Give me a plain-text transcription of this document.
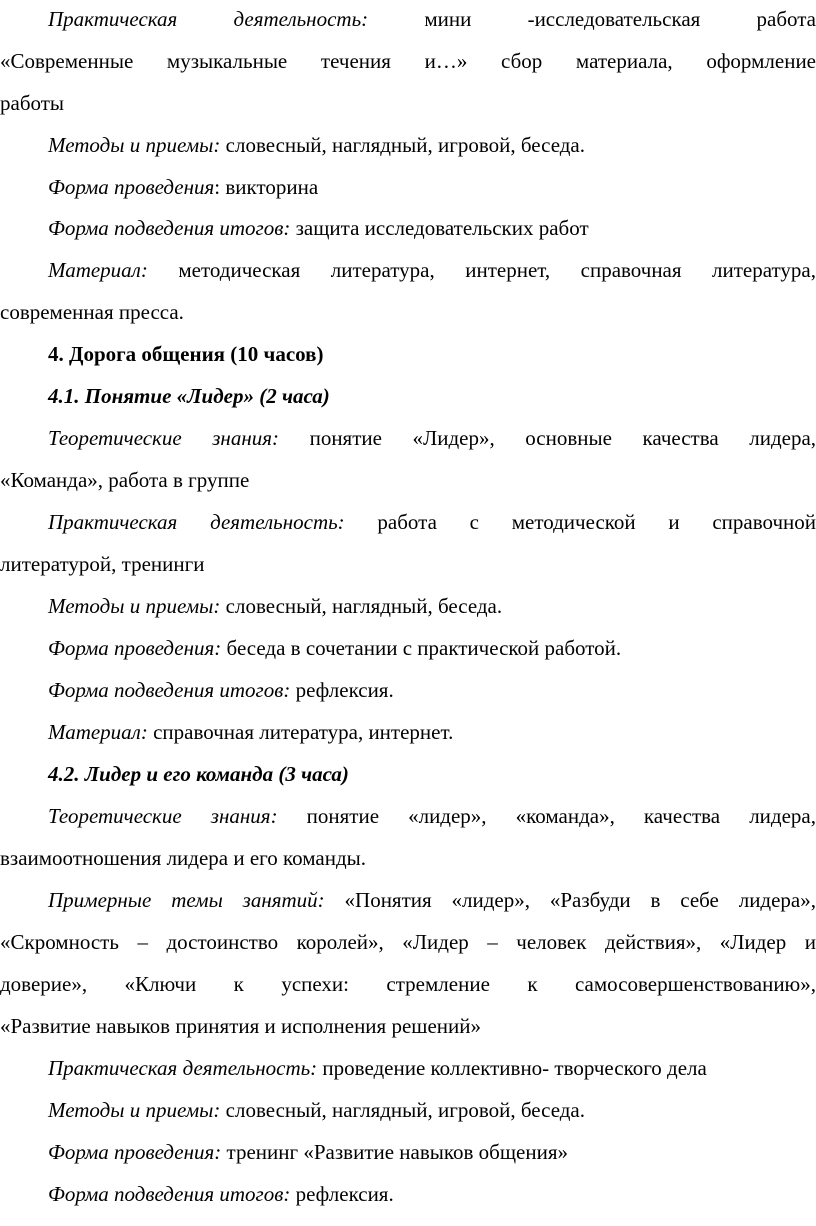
Практическая деятельность:	мини -исследовательская работа
«Современные музыкальные течения и…» сбор материала, оформление
работы
Методы и приемы: словесный, наглядный, игровой, беседа.
Форма проведения: викторина
Форма подведения итогов: защита исследовательских работ
Материал: методическая литература, интернет, справочная литература,
современная пресса.
4. Дорога общения (10 часов)
4.1. Понятие «Лидер» (2 часа)
Теоретические знания: понятие «Лидер», основные качества лидера,
«Команда», работа в группе
Практическая деятельность: работа с методической и справочной
литературой, тренинги
Методы и приемы: словесный, наглядный, беседа.
Форма проведения: беседа в сочетании с практической работой.
Форма подведения итогов: рефлексия.
Материал: справочная литература, интернет.
4.2. Лидер и его команда (3 часа)
Теоретические знания: понятие «лидер», «команда», качества лидера,
взаимоотношения лидера и его команды.
Примерные темы занятий: «Понятия «лидер», «Разбуди в себе лидера»,
«Скромность – достоинство королей», «Лидер – человек действия», «Лидер и
доверие», «Ключи к успехи: стремление к самосовершенствованию»,
«Развитие навыков принятия и исполнения решений»
Практическая деятельность: проведение коллективно- творческого дела
Методы и приемы: словесный, наглядный, игровой, беседа.
Форма проведения: тренинг «Развитие навыков общения»
Форма подведения итогов: рефлексия.
